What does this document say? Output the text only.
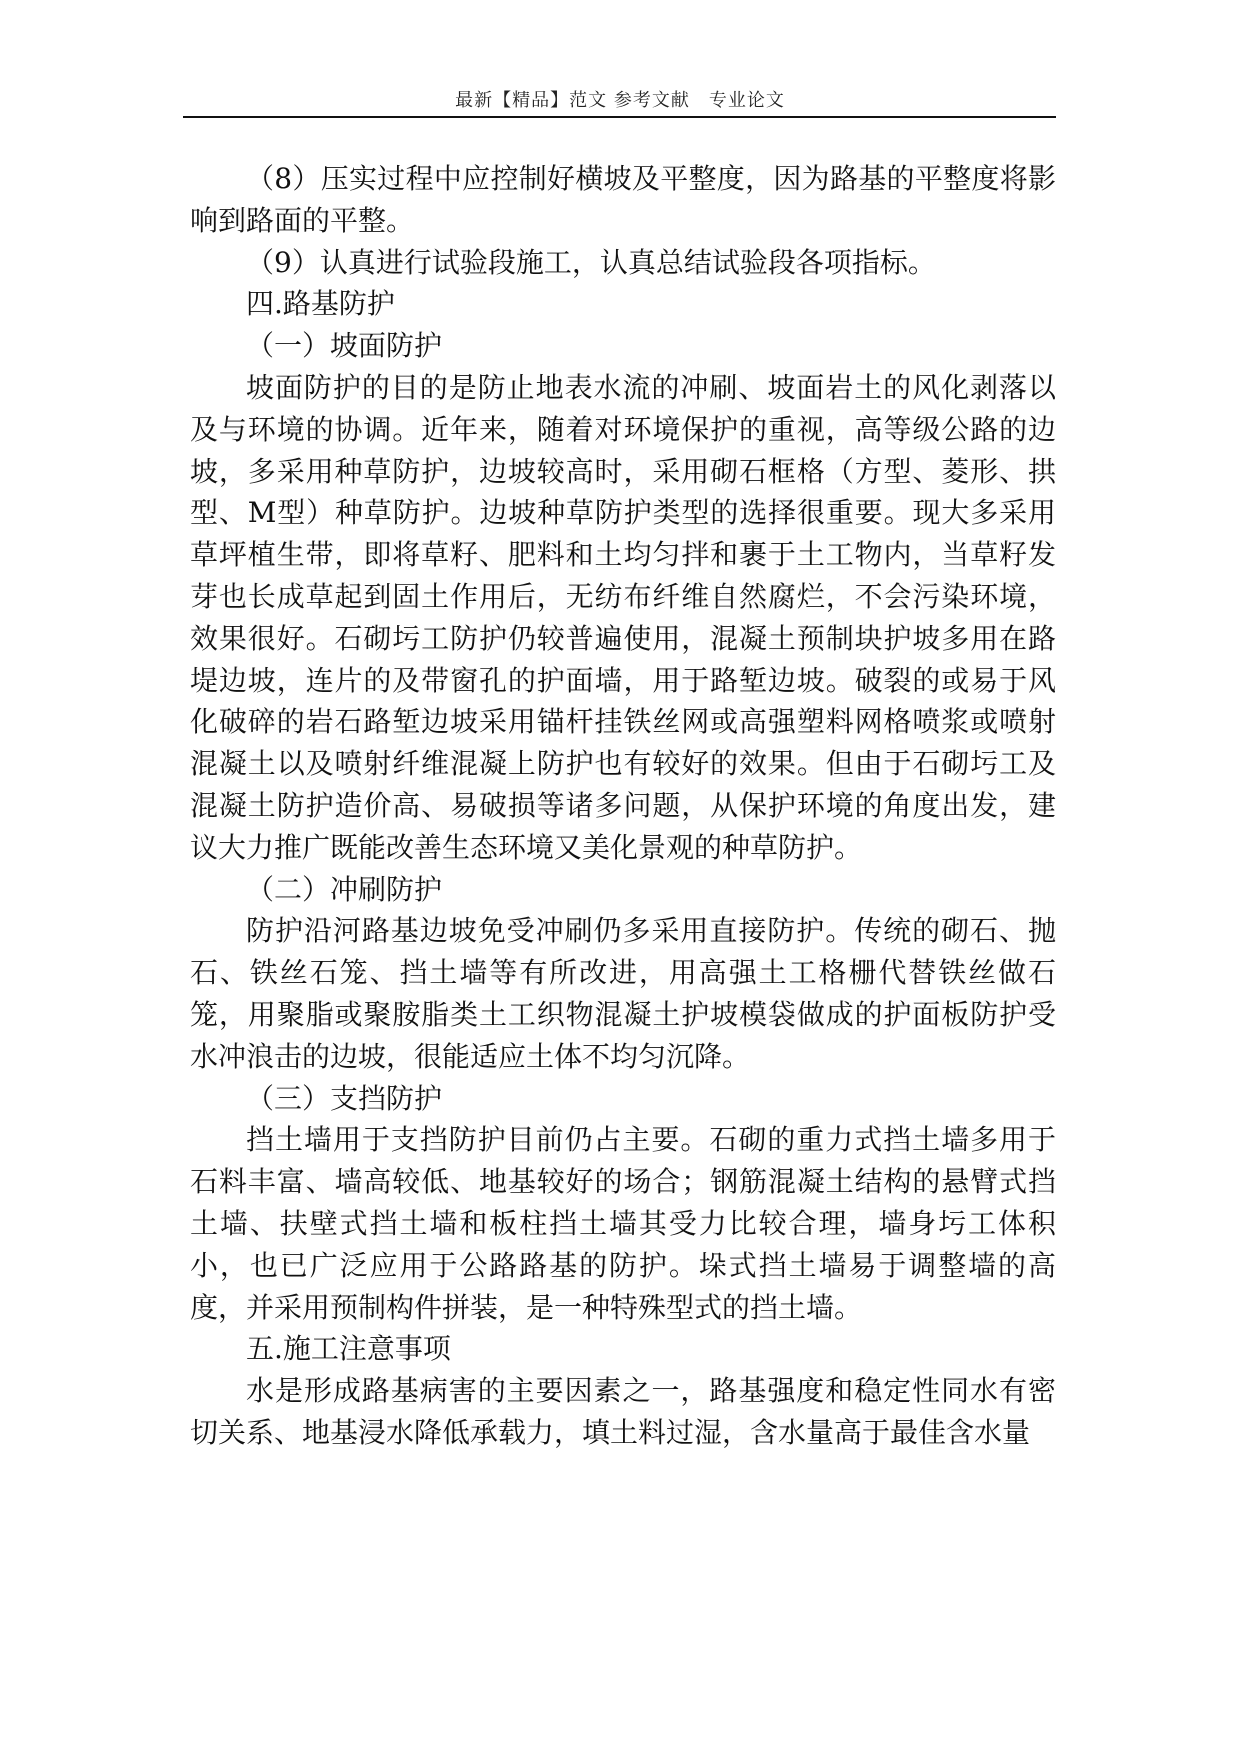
最新【精品】范文 参考文献　专业论文

（8）压实过程中应控制好横坡及平整度，因为路基的平整度将影响到路面的平整。

（9）认真进行试验段施工，认真总结试验段各项指标。

四.路基防护

（一）坡面防护

坡面防护的目的是防止地表水流的冲刷、坡面岩土的风化剥落以及与环境的协调。近年来，随着对环境保护的重视，高等级公路的边坡，多采用种草防护，边坡较高时，采用砌石框格（方型、菱形、拱型、M型）种草防护。边坡种草防护类型的选择很重要。现大多采用草坪植生带，即将草籽、肥料和土均匀拌和裹于土工物内，当草籽发芽也长成草起到固土作用后，无纺布纤维自然腐烂，不会污染环境，效果很好。石砌圬工防护仍较普遍使用，混凝土预制块护坡多用在路堤边坡，连片的及带窗孔的护面墙，用于路堑边坡。破裂的或易于风化破碎的岩石路堑边坡采用锚杆挂铁丝网或高强塑料网格喷浆或喷射混凝土以及喷射纤维混凝上防护也有较好的效果。但由于石砌圬工及混凝土防护造价高、易破损等诸多问题，从保护环境的角度出发，建议大力推广既能改善生态环境又美化景观的种草防护。

（二）冲刷防护

防护沿河路基边坡免受冲刷仍多采用直接防护。传统的砌石、抛石、铁丝石笼、挡土墙等有所改进，用高强土工格栅代替铁丝做石笼，用聚脂或聚胺脂类土工织物混凝土护坡模袋做成的护面板防护受水冲浪击的边坡，很能适应土体不均匀沉降。

（三）支挡防护

挡土墙用于支挡防护目前仍占主要。石砌的重力式挡土墙多用于石料丰富、墙高较低、地基较好的场合；钢筋混凝土结构的悬臂式挡土墙、扶壁式挡土墙和板柱挡土墙其受力比较合理，墙身圬工体积小，也已广泛应用于公路路基的防护。垛式挡土墙易于调整墙的高度，并采用预制构件拼装，是一种特殊型式的挡土墙。

五.施工注意事项

水是形成路基病害的主要因素之一，路基强度和稳定性同水有密切关系、地基浸水降低承载力，填土料过湿，含水量高于最佳含水量
